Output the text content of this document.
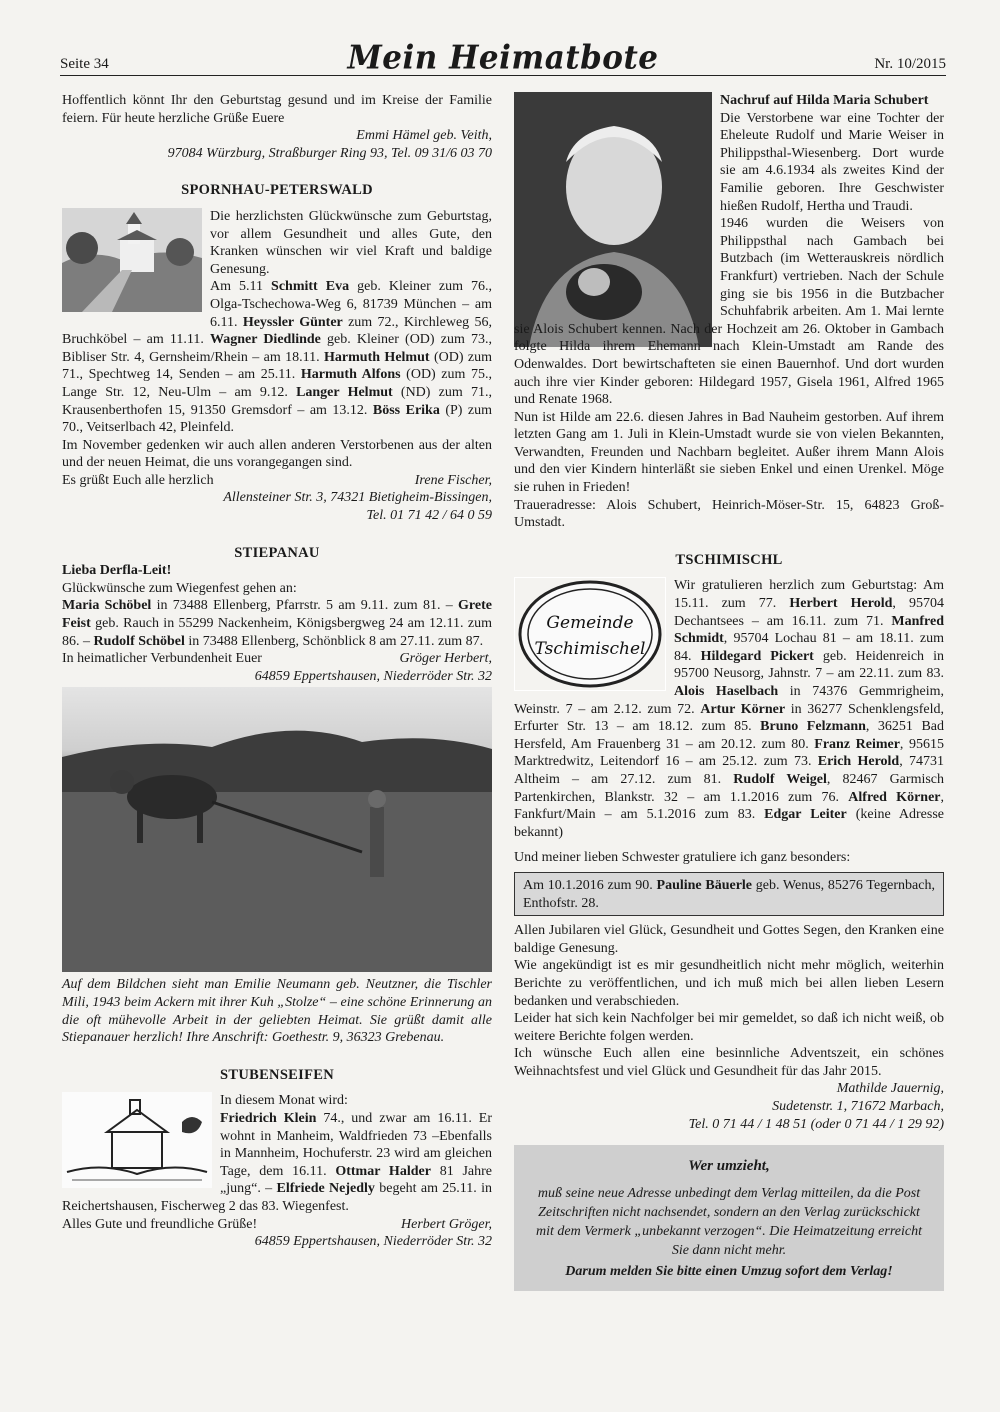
Seite 34	Mein Heimatbote	Nr. 10/2015

Hoffentlich könnt Ihr den Geburtstag gesund und im Kreise der Familie feiern. Für heute herzliche Grüße Euere

Emmi Hämel geb. Veith,

97084 Würzburg, Straßburger Ring 93, Tel. 09 31/6 03 70

SPORNHAU-PETERSWALD

Die herzlichsten Glückwünsche zum Geburtstag, vor allem Gesundheit und alles Gute, den Kranken wünschen wir viel Kraft und baldige Genesung.

Am 5.11 Schmitt Eva geb. Kleiner zum 76., Olga-Tschechowa-Weg 6, 81739 München – am 6.11. Heyssler Günter zum 72., Kirchleweg 56, Bruchköbel – am 11.11. Wagner Diedlinde geb. Kleiner (OD) zum 73., Bibliser Str. 4, Gernsheim/Rhein – am 18.11. Harmuth Helmut (OD) zum 71., Spechtweg 14, Senden – am 25.11. Harmuth Alfons (OD) zum 75., Lange Str. 12, Neu-Ulm – am 9.12. Langer Helmut (ND) zum 71., Krausenberthofen 15, 91350 Gremsdorf – am 13.12. Böss Erika (P) zum 70., Veitserlbach 42, Pleinfeld.

Im November gedenken wir auch allen anderen Verstorbenen aus der alten und der neuen Heimat, die uns vorangegangen sind.

Es grüßt Euch alle herzlich	Irene Fischer,

Allensteiner Str. 3, 74321 Bietigheim-Bissingen,

Tel. 01 71 42 / 64 0 59

STIEPANAU

Lieba Derfla-Leit!

Glückwünsche zum Wiegenfest gehen an:

Maria Schöbel in 73488 Ellenberg, Pfarrstr. 5 am 9.11. zum 81. – Grete Feist geb. Rauch in 55299 Nackenheim, Königsbergweg 24 am 12.11. zum 86. – Rudolf Schöbel in 73488 Ellenberg, Schönblick 8 am 27.11. zum 87.

In heimatlicher Verbundenheit Euer	Gröger Herbert,

64859 Eppertshausen, Niederröder Str. 32

Auf dem Bildchen sieht man Emilie Neumann geb. Neutzner, die Tischler Mili, 1943 beim Ackern mit ihrer Kuh „Stolze“ – eine schöne Erinnerung an die oft mühevolle Arbeit in der geliebten Heimat. Sie grüßt damit alle Stiepanauer herzlich! Ihre Anschrift: Goethestr. 9, 36323 Grebenau.

STUBENSEIFEN

In diesem Monat wird:

Friedrich Klein 74., und zwar am 16.11. Er wohnt in Manheim, Waldfrieden 73 –Ebenfalls in Mannheim, Hochuferstr. 23 wird am gleichen Tage, dem 16.11. Ottmar Halder 81 Jahre „jung“. – Elfriede Nejedly begeht am 25.11. in Reichertshausen, Fischerweg 2 das 83. Wiegenfest.

Alles Gute und freundliche Grüße!	Herbert Gröger,

64859 Eppertshausen, Niederröder Str. 32

Nachruf auf Hilda Maria Schubert

Die Verstorbene war eine Tochter der Eheleute Rudolf und Marie Weiser in Philippsthal-Wiesenberg. Dort wurde sie am 4.6.1934 als zweites Kind der Familie geboren. Ihre Geschwister hießen Rudolf, Hertha und Traudi.

1946 wurden die Weisers von Philippsthal nach Gambach bei Butzbach (im Wetterauskreis nördlich Frankfurt) vertrieben. Nach der Schule ging sie bis 1956 in die Butzbacher Schuhfabrik arbeiten. Am 1. Mai lernte sie Alois Schubert kennen. Nach der Hochzeit am 26. Oktober in Gambach folgte Hilda ihrem Ehemann nach Klein-Umstadt am Rande des Odenwaldes. Dort bewirtschafteten sie einen Bauernhof. Und dort wurden auch ihre vier Kinder geboren: Hildegard 1957, Gisela 1961, Alfred 1965 und Renate 1968.

Nun ist Hilde am 22.6. diesen Jahres in Bad Nauheim gestorben. Auf ihrem letzten Gang am 1. Juli in Klein-Umstadt wurde sie von vielen Bekannten, Verwandten, Freunden und Nachbarn begleitet. Außer ihrem Mann Alois und den vier Kindern hinterläßt sie sieben Enkel und einen Urenkel. Möge sie ruhen in Frieden!

Traueradresse: Alois Schubert, Heinrich-Möser-Str. 15, 64823 Groß-Umstadt.

TSCHIMISCHL
Gemeinde
Tschimischel

Wir gratulieren herzlich zum Geburtstag: Am 15.11. zum 77. Herbert Herold, 95704 Dechantsees – am 16.11. zum 71. Manfred Schmidt, 95704 Lochau 81 – am 18.11. zum 84. Hildegard Pickert geb. Heidenreich in 95700 Neusorg, Jahnstr. 7 – am 22.11. zum 83. Alois Haselbach in 74376 Gemmrigheim, Weinstr. 7 – am 2.12. zum 72. Artur Körner in 36277 Schenklengsfeld, Erfurter Str. 13 – am 18.12. zum 85. Bruno Felzmann, 36251 Bad Hersfeld, Am Frauenberg 31 – am 20.12. zum 80. Franz Reimer, 95615 Marktredwitz, Leitendorf 16 – am 25.12. zum 73. Erich Herold, 74731 Altheim – am 27.12. zum 81. Rudolf Weigel, 82467 Garmisch Partenkirchen, Blankstr. 32 – am 1.1.2016 zum 76. Alfred Körner, Fankfurt/Main – am 5.1.2016 zum 83. Edgar Leiter (keine Adresse bekannt)

Und meiner lieben Schwester gratuliere ich ganz besonders:

Am 10.1.2016 zum 90. Pauline Bäuerle geb. Wenus, 85276 Tegernbach, Enthofstr. 28.

Allen Jubilaren viel Glück, Gesundheit und Gottes Segen, den Kranken eine baldige Genesung.

Wie angekündigt ist es mir gesundheitlich nicht mehr möglich, weiterhin Berichte zu veröffentlichen, und ich muß mich bei allen lieben Lesern bedanken und verabschieden.

Leider hat sich kein Nachfolger bei mir gemeldet, so daß ich nicht weiß, ob weitere Berichte folgen werden.

Ich wünsche Euch allen eine besinnliche Adventszeit, ein schönes Weihnachtsfest und viel Glück und Gesundheit für das Jahr 2015.

Mathilde Jauernig,

Sudetenstr. 1, 71672 Marbach,

Tel. 0 71 44 / 1 48 51 (oder 0 71 44 / 1 29 92)

Wer umzieht,
muß seine neue Adresse unbedingt dem Verlag mitteilen, da die Post Zeitschriften nicht nachsendet, sondern an den Verlag zurückschickt mit dem Vermerk „unbekannt verzogen“. Die Heimatzeitung erreicht Sie dann nicht mehr.
Darum melden Sie bitte einen Umzug sofort dem Verlag!
